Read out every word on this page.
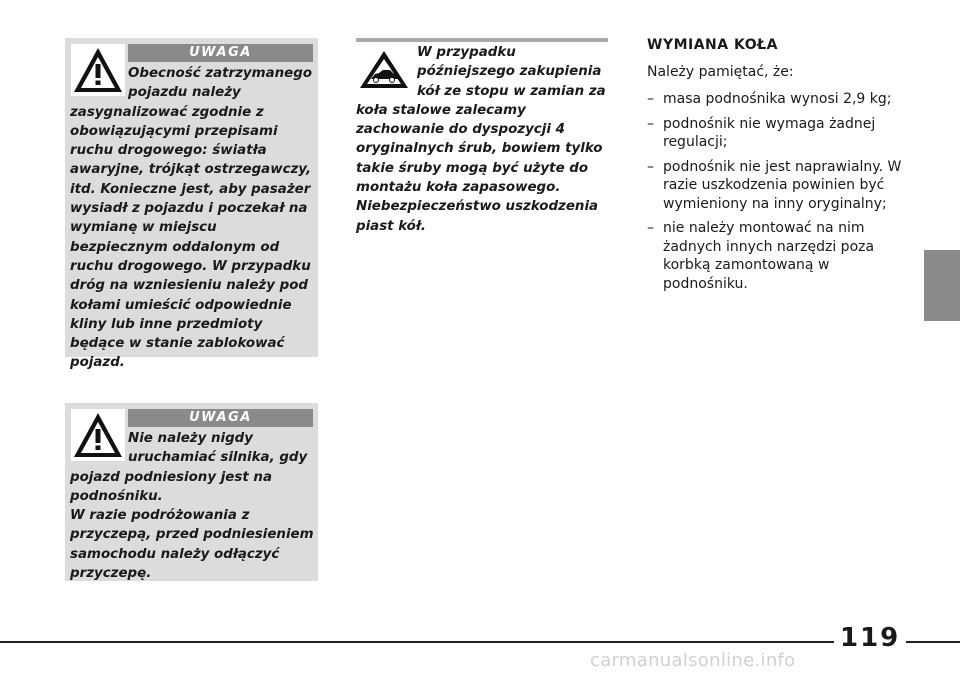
UWAGA

Obecność zatrzymanego pojazdu należy zasygnalizować zgodnie z obowiązującymi przepisami ruchu drogowego: światła awaryjne, trójkąt ostrzegawczy, itd. Konieczne jest, aby pasażer wysiadł z pojazdu i poczekał na wymianę w miejscu bezpiecznym oddalonym od ruchu drogowego. W przypadku dróg na wzniesieniu należy pod kołami umieścić odpowiednie kliny lub inne przedmioty będące w stanie zablokować pojazd.

UWAGA

Nie należy nigdy uruchamiać silnika, gdy pojazd podniesiony jest na podnośniku.
W razie podróżowania z przyczepą, przed podniesieniem samochodu należy odłączyć przyczepę.

W przypadku późniejszego zakupienia kół ze stopu w zamian za koła stalowe zalecamy zachowanie do dyspozycji 4 oryginalnych śrub, bowiem tylko takie śruby mogą być użyte do montażu koła zapasowego. Niebezpieczeństwo uszkodzenia piast kół.

WYMIANA KOŁA

Należy pamiętać, że:

– masa podnośnika wynosi 2,9 kg;
– podnośnik nie wymaga żadnej regulacji;
– podnośnik nie jest naprawialny. W razie uszkodzenia powinien być wymieniony na inny oryginalny;
– nie należy montować na nim żadnych innych narzędzi poza korbką zamontowaną w podnośniku.

119

carmanualsonline.info
